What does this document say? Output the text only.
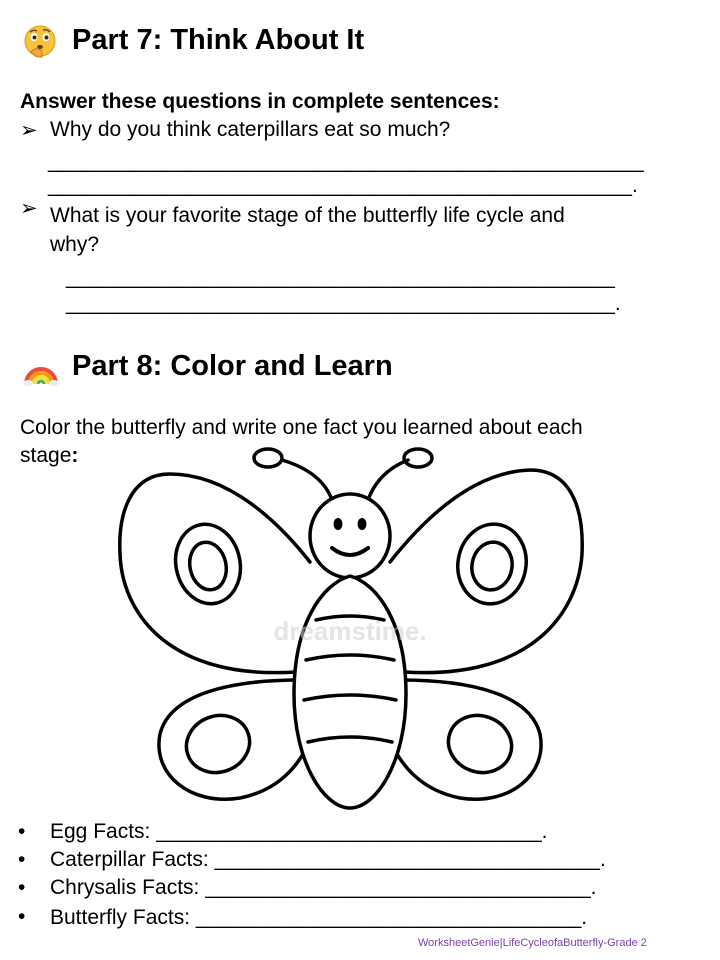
Part 7: Think About It
Answer these questions in complete sentences:
➢ Why do you think caterpillars eat so much?
___________________________________________________
__________________________________________________.
➢ What is your favorite stage of the butterfly life cycle and
why?
_______________________________________________
_______________________________________________.
Part 8: Color and Learn
Color the butterfly and write one fact you learned about each
stage:
dreamstime.
• Egg Facts: _________________________________.
• Caterpillar Facts: _________________________________.
• Chrysalis Facts: _________________________________.
• Butterfly Facts: _________________________________.
WorksheetGenie|LifeCycleofaButterfly-Grade 2
